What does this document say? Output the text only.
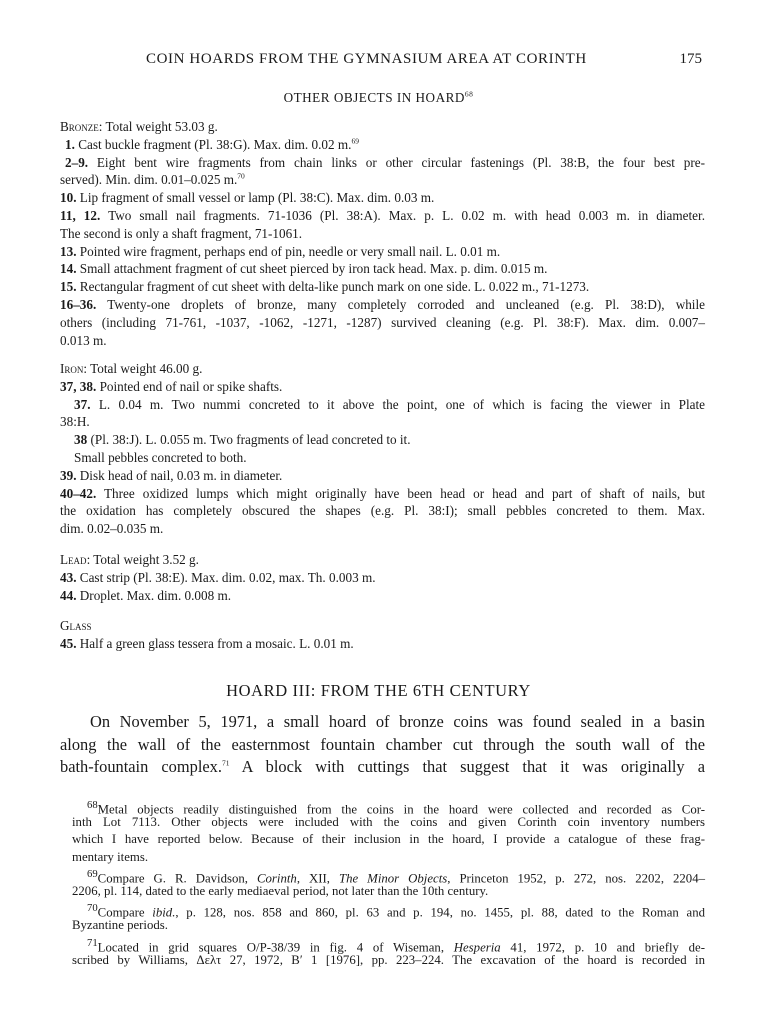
COIN HOARDS FROM THE GYMNASIUM AREA AT CORINTH	175
OTHER OBJECTS IN HOARD$^{68}$
Bronze: Total weight 53.03 g.
1. Cast buckle fragment (Pl. 38:G). Max. dim. 0.02 m.$^{69}$
2–9. Eight bent wire fragments from chain links or other circular fastenings (Pl. 38:B, the four best pre-
served). Min. dim. 0.01–0.025 m.$^{70}$
10. Lip fragment of small vessel or lamp (Pl. 38:C). Max. dim. 0.03 m.
11, 12. Two small nail fragments. 71-1036 (Pl. 38:A). Max. p. L. 0.02 m. with head 0.003 m. in diameter.
The second is only a shaft fragment, 71-1061.
13. Pointed wire fragment, perhaps end of pin, needle or very small nail. L. 0.01 m.
14. Small attachment fragment of cut sheet pierced by iron tack head. Max. p. dim. 0.015 m.
15. Rectangular fragment of cut sheet with delta-like punch mark on one side. L. 0.022 m., 71-1273.
16–36. Twenty-one droplets of bronze, many completely corroded and uncleaned (e.g. Pl. 38:D), while
others (including 71-761, -1037, -1062, -1271, -1287) survived cleaning (e.g. Pl. 38:F). Max. dim. 0.007–
0.013 m.
Iron: Total weight 46.00 g.
37, 38. Pointed end of nail or spike shafts.
37. L. 0.04 m. Two nummi concreted to it above the point, one of which is facing the viewer in Plate
38:H.
38 (Pl. 38:J). L. 0.055 m. Two fragments of lead concreted to it.
Small pebbles concreted to both.
39. Disk head of nail, 0.03 m. in diameter.
40–42. Three oxidized lumps which might originally have been head or head and part of shaft of nails, but
the oxidation has completely obscured the shapes (e.g. Pl. 38:I); small pebbles concreted to them. Max.
dim. 0.02–0.035 m.
Lead: Total weight 3.52 g.
43. Cast strip (Pl. 38:E). Max. dim. 0.02, max. Th. 0.003 m.
44. Droplet. Max. dim. 0.008 m.
Glass
45. Half a green glass tessera from a mosaic. L. 0.01 m.
HOARD III: FROM THE 6TH CENTURY
On November 5, 1971, a small hoard of bronze coins was found sealed in a basin
along the wall of the easternmost fountain chamber cut through the south wall of the
bath-fountain complex.$^{71}$ A block with cuttings that suggest that it was originally a
$^{68}$Metal objects readily distinguished from the coins in the hoard were collected and recorded as Cor-
inth Lot 7113. Other objects were included with the coins and given Corinth coin inventory numbers
which I have reported below. Because of their inclusion in the hoard, I provide a catalogue of these frag-
mentary items.
$^{69}$Compare G. R. Davidson, Corinth, XII, The Minor Objects, Princeton 1952, p. 272, nos. 2202, 2204–
2206, pl. 114, dated to the early mediaeval period, not later than the 10th century.
$^{70}$Compare ibid., p. 128, nos. 858 and 860, pl. 63 and p. 194, no. 1455, pl. 88, dated to the Roman and
Byzantine periods.
$^{71}$Located in grid squares O/P-38/39 in fig. 4 of Wiseman, Hesperia 41, 1972, p. 10 and briefly de-
scribed by Williams, Δελτ 27, 1972, B′ 1 [1976], pp. 223–224. The excavation of the hoard is recorded in
